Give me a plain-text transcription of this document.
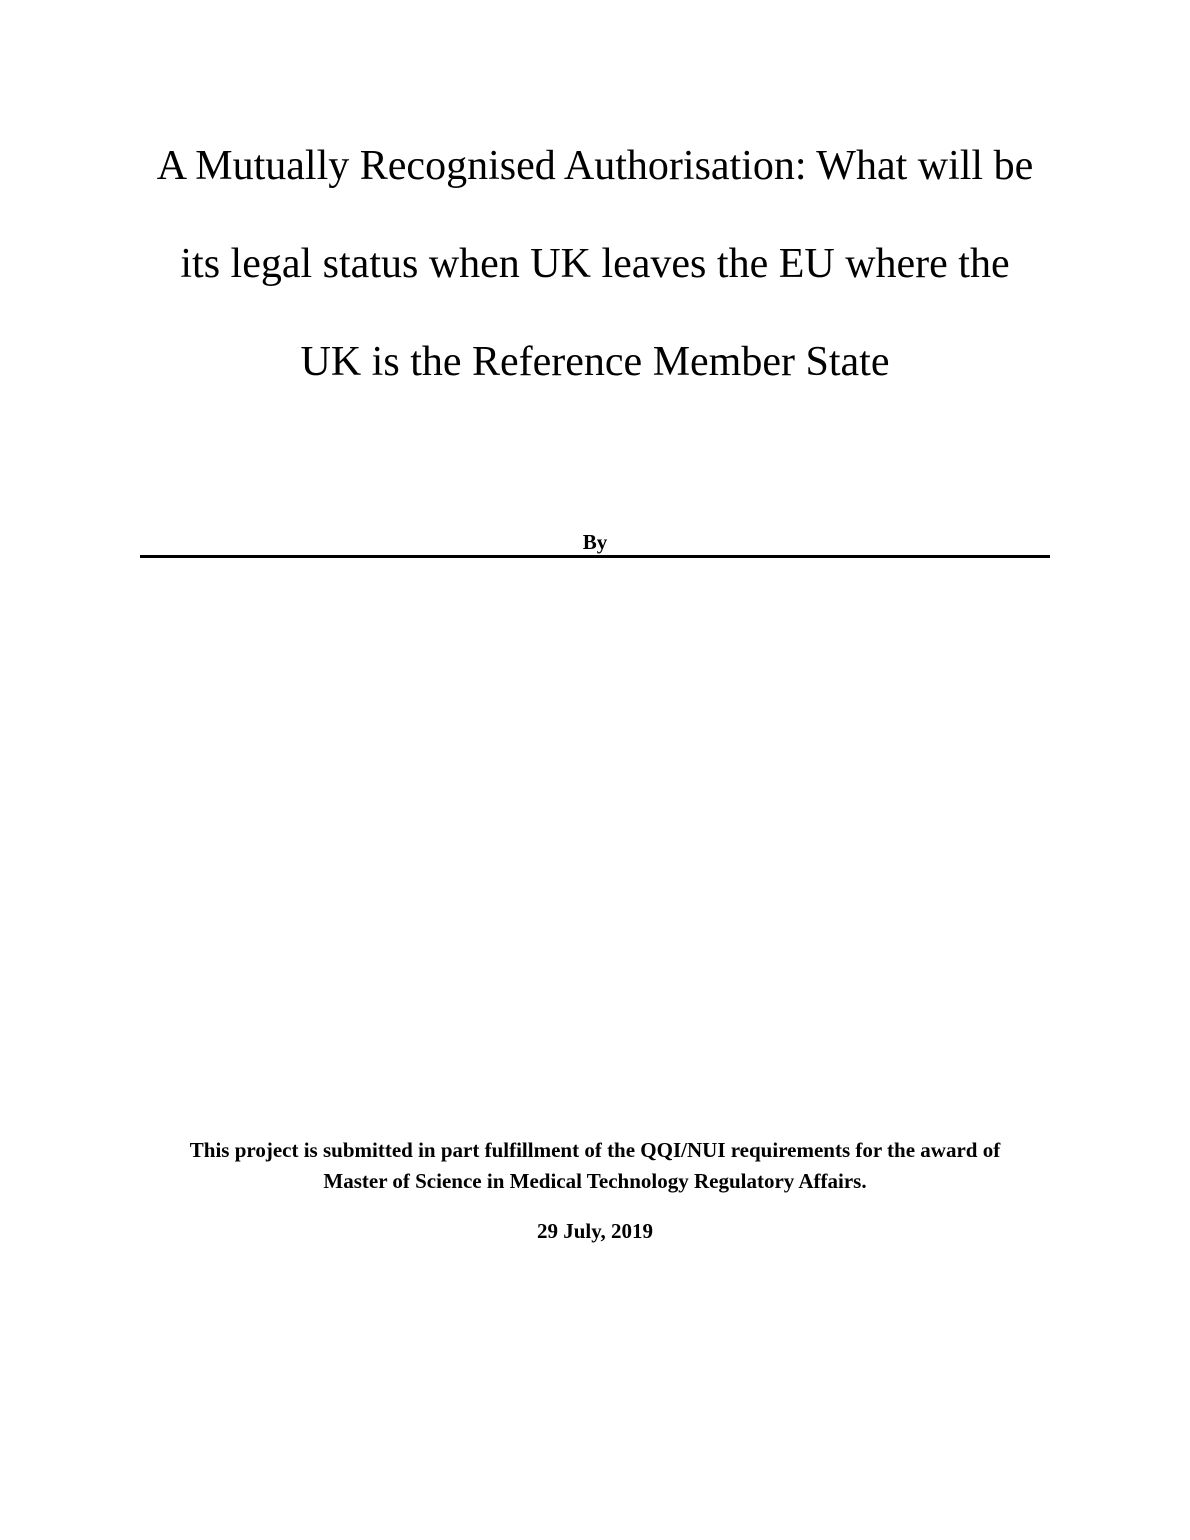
A Mutually Recognised Authorisation: What will be
its legal status when UK leaves the EU where the
UK is the Reference Member State
By
This project is submitted in part fulfillment of the QQI/NUI requirements for the award of
Master of Science in Medical Technology Regulatory Affairs.
29 July, 2019
